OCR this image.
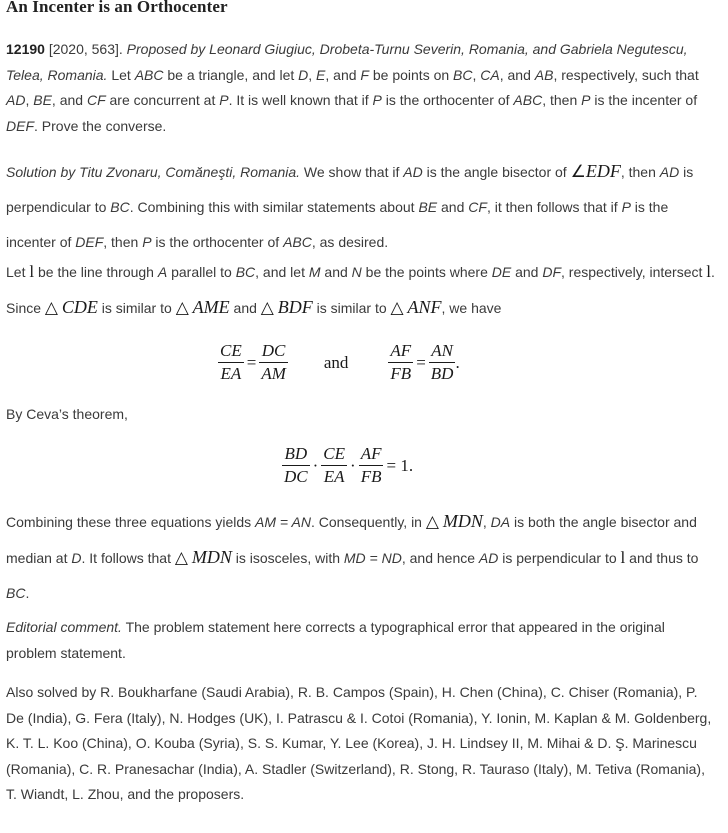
An Incenter is an Orthocenter

12190 [2020, 563]. Proposed by Leonard Giugiuc, Drobeta-Turnu Severin, Romania, and Gabriela Negutescu, Telea, Romania. Let ABC be a triangle, and let D, E, and F be points on BC, CA, and AB, respectively, such that AD, BE, and CF are concurrent at P. It is well known that if P is the orthocenter of ABC, then P is the incenter of DEF. Prove the converse.

Solution by Titu Zvonaru, Comăneşti, Romania. We show that if AD is the angle bisector of ∠EDF, then AD is perpendicular to BC. Combining this with similar statements about BE and CF, it then follows that if P is the incenter of DEF, then P is the orthocenter of ABC, as desired.

Let l be the line through A parallel to BC, and let M and N be the points where DE and DF, respectively, intersect l. Since △ CDE is similar to △ AME and △ BDF is similar to △ ANF, we have

$\frac{CE}{EA} = \frac{DC}{AM}$ and $\frac{AF}{FB} = \frac{AN}{BD}$ .

By Ceva’s theorem,

$\frac{BD}{DC} \cdot \frac{CE}{EA} \cdot \frac{AF}{FB} = 1$.

Combining these three equations yields AM = AN. Consequently, in △ MDN, DA is both the angle bisector and median at D. It follows that △ MDN is isosceles, with MD = ND, and hence AD is perpendicular to l and thus to BC.

Editorial comment. The problem statement here corrects a typographical error that appeared in the original problem statement.

Also solved by R. Boukharfane (Saudi Arabia), R. B. Campos (Spain), H. Chen (China), C. Chiser (Romania), P. De (India), G. Fera (Italy), N. Hodges (UK), I. Patrascu & I. Cotoi (Romania), Y. Ionin, M. Kaplan & M. Goldenberg, K. T. L. Koo (China), O. Kouba (Syria), S. S. Kumar, Y. Lee (Korea), J. H. Lindsey II, M. Mihai & D. Ş. Marinescu (Romania), C. R. Pranesachar (India), A. Stadler (Switzerland), R. Stong, R. Tauraso (Italy), M. Tetiva (Romania), T. Wiandt, L. Zhou, and the proposers.
